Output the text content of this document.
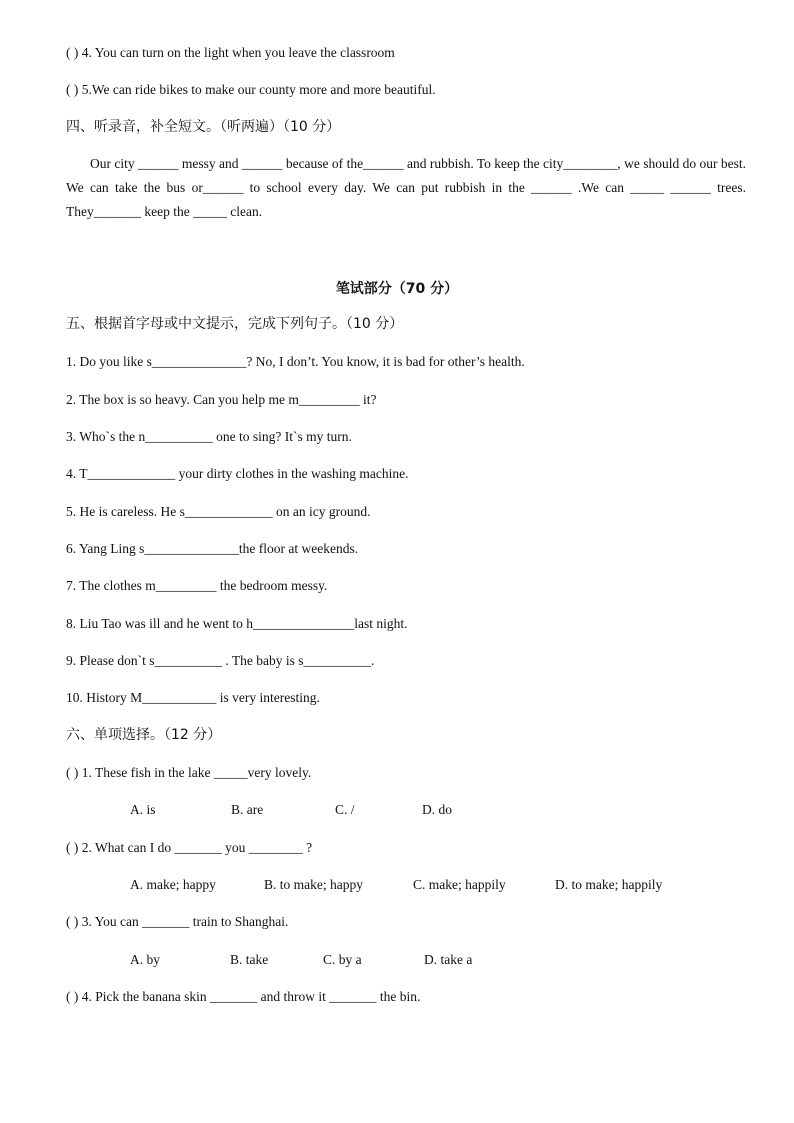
( ) 4. You can turn on the light when you leave the classroom
( ) 5.We can ride bikes to make our county more and more beautiful.
四、听录音，补全短文。（听两遍）（10 分）
Our city ______ messy and ______ because of the______ and rubbish. To keep the city________, we should do our best. We can take the bus or______ to school every day. We can put rubbish in the ______ .We can _____ ______ trees. They_______ keep the _____ clean.
笔试部分（70 分）
五、根据首字母或中文提示，完成下列句子。（10 分）
1. Do you like s______________? No, I don’t. You know, it is bad for other’s health.
2. The box is so heavy. Can you help me m_________ it?
3. Who`s the n__________ one to sing? It`s my turn.
4. T_____________ your dirty clothes in the washing machine.
5. He is careless. He s_____________ on an icy ground.
6. Yang Ling s______________the floor at weekends.
7. The clothes m_________ the bedroom messy.
8. Liu Tao was ill and he went to h_______________last night.
9. Please don`t s__________ . The baby is s__________.
10. History M___________ is very interesting.
六、单项选择。（12 分）
( ) 1. These fish in the lake _____very lovely.
A. is	B. are	C. /	D. do
( ) 2. What can I do _______ you ________ ?
A. make; happy	B. to make; happy	C. make; happily	D. to make; happily
( ) 3. You can _______ train to Shanghai.
A. by	B. take	C. by a	D. take a
( ) 4. Pick the banana skin _______ and throw it _______ the bin.
